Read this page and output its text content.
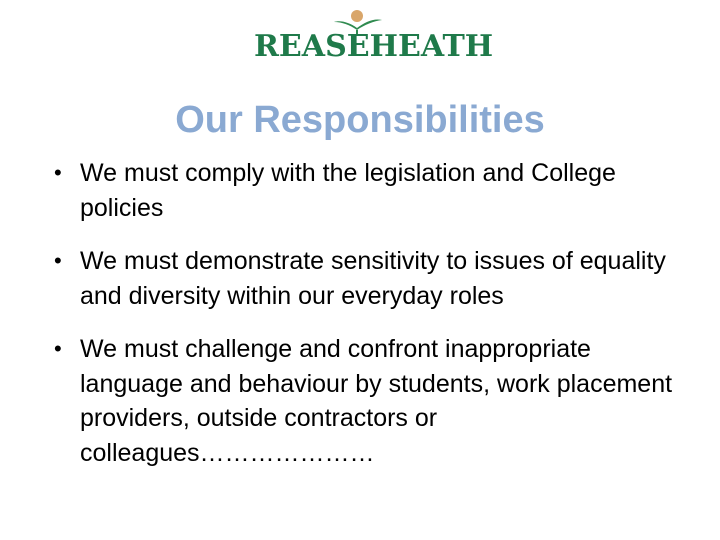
REASEHEATH
Our Responsibilities
• We must comply with the legislation and College policies
• We must demonstrate sensitivity to issues of equality and diversity within our everyday roles
• We must challenge and confront inappropriate language and behaviour by students, work placement providers, outside contractors or colleagues…………………
